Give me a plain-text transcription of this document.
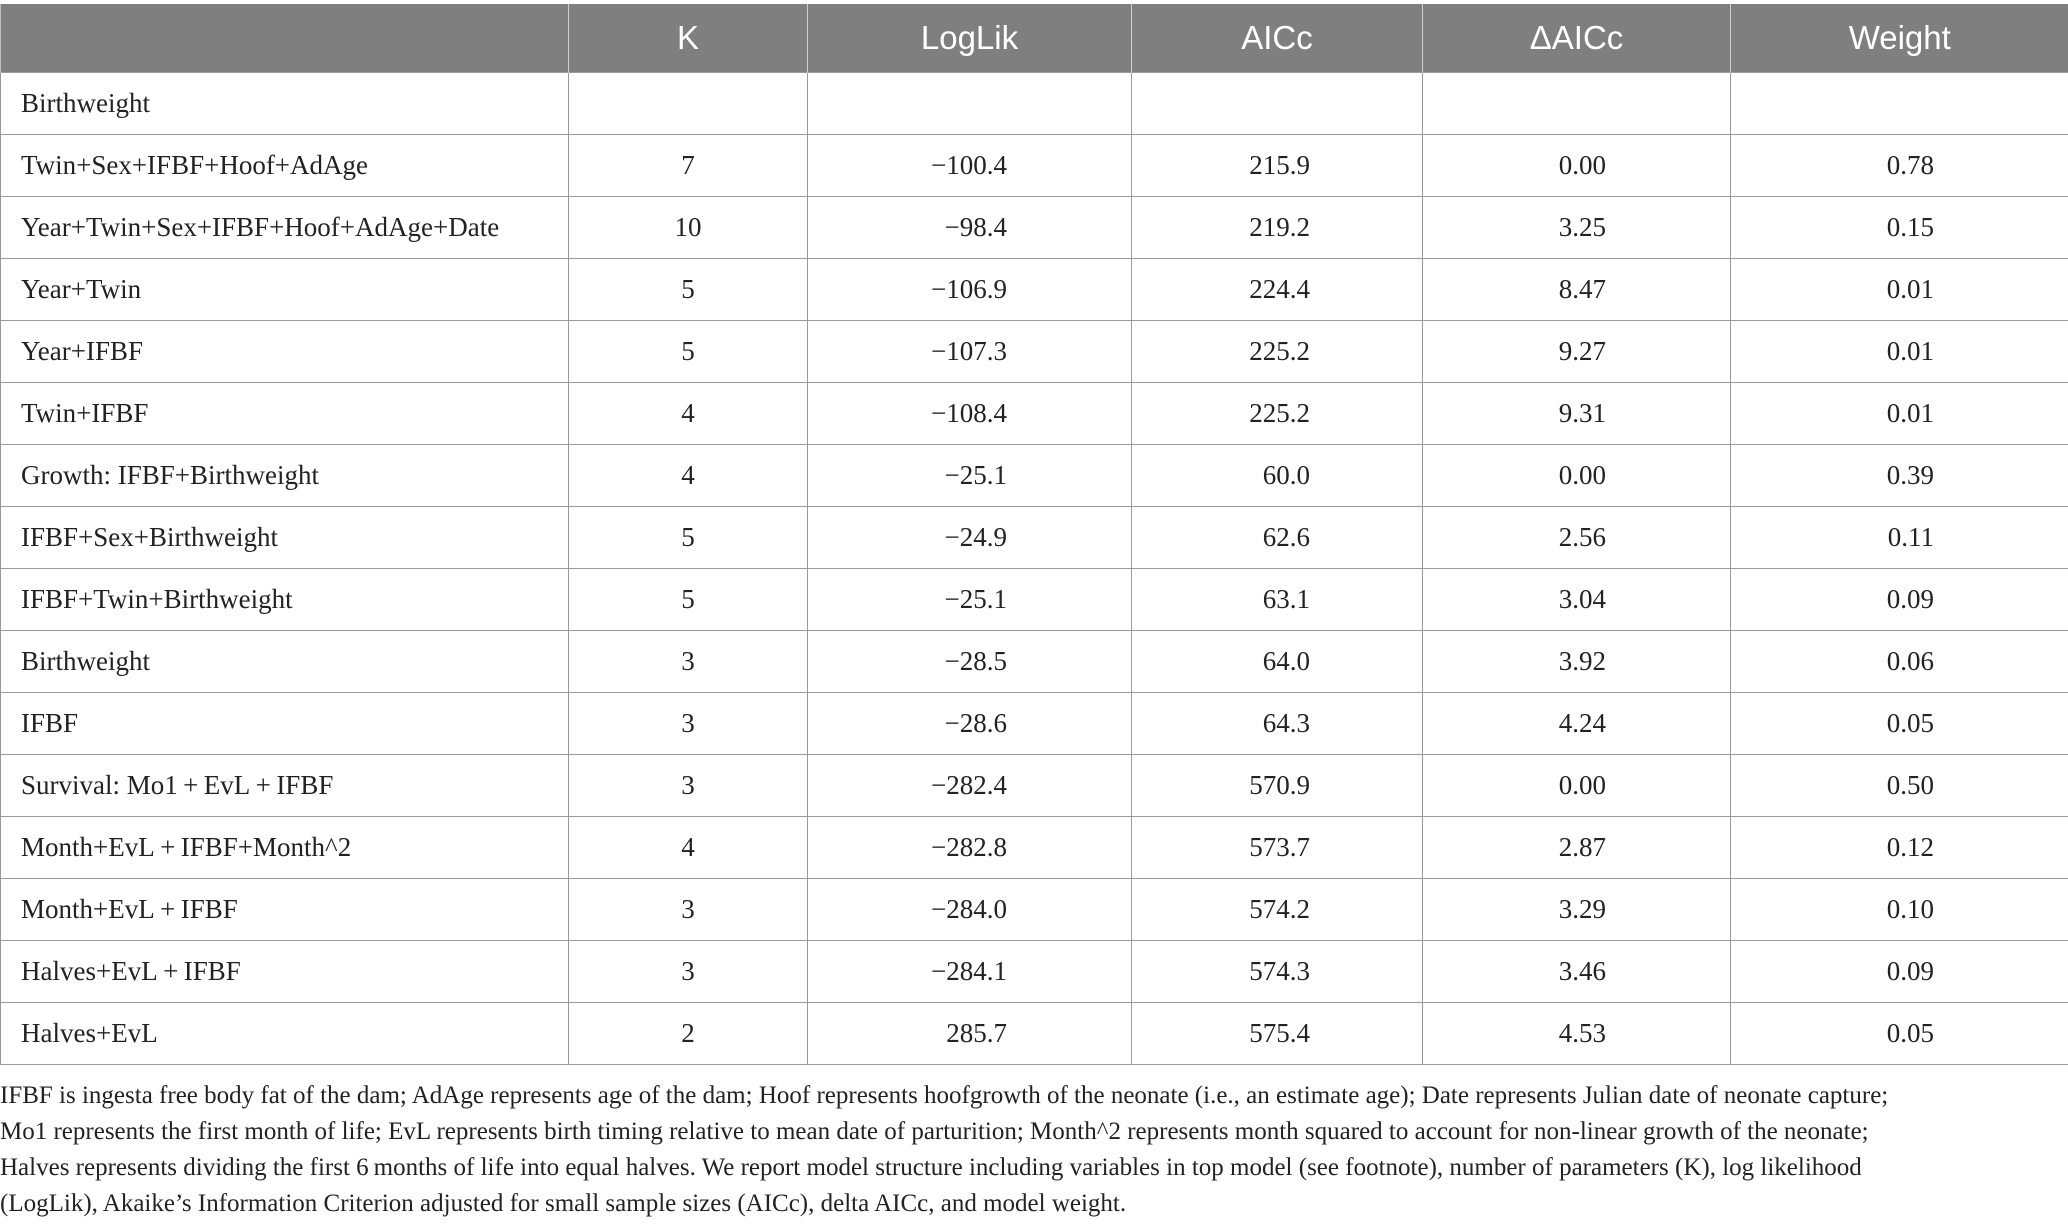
	K	LogLik	AICc	ΔAICc	Weight
Birthweight					
Twin+Sex+IFBF+Hoof+AdAge	7	−100.4	215.9	0.00	0.78
Year+Twin+Sex+IFBF+Hoof+AdAge+Date	10	−98.4	219.2	3.25	0.15
Year+Twin	5	−106.9	224.4	8.47	0.01
Year+IFBF	5	−107.3	225.2	9.27	0.01
Twin+IFBF	4	−108.4	225.2	9.31	0.01
Growth: IFBF+Birthweight	4	−25.1	60.0	0.00	0.39
IFBF+Sex+Birthweight	5	−24.9	62.6	2.56	0.11
IFBF+Twin+Birthweight	5	−25.1	63.1	3.04	0.09
Birthweight	3	−28.5	64.0	3.92	0.06
IFBF	3	−28.6	64.3	4.24	0.05
Survival: Mo1 + EvL + IFBF	3	−282.4	570.9	0.00	0.50
Month+EvL + IFBF+Month^2	4	−282.8	573.7	2.87	0.12
Month+EvL + IFBF	3	−284.0	574.2	3.29	0.10
Halves+EvL + IFBF	3	−284.1	574.3	3.46	0.09
Halves+EvL	2	285.7	575.4	4.53	0.05
IFBF is ingesta free body fat of the dam; AdAge represents age of the dam; Hoof represents hoofgrowth of the neonate (i.e., an estimate age); Date represents Julian date of neonate capture;
Mo1 represents the first month of life; EvL represents birth timing relative to mean date of parturition; Month^2 represents month squared to account for non-linear growth of the neonate;
Halves represents dividing the first 6 months of life into equal halves. We report model structure including variables in top model (see footnote), number of parameters (K), log likelihood
(LogLik), Akaike’s Information Criterion adjusted for small sample sizes (AICc), delta AICc, and model weight.
